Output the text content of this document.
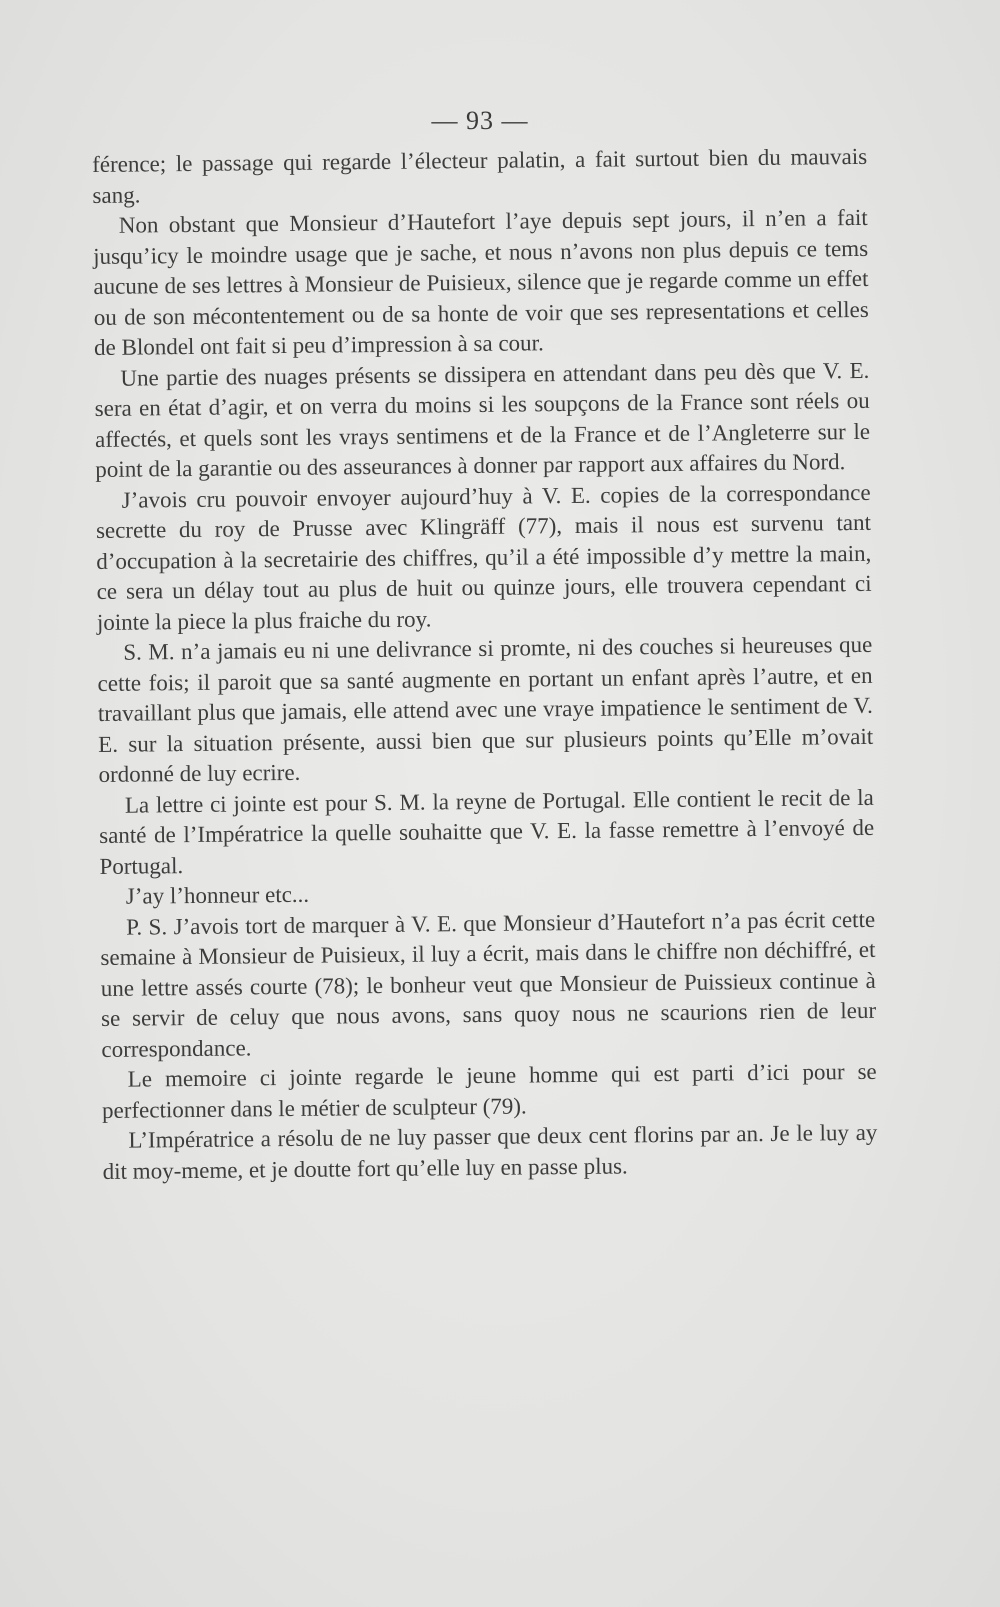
— 93 —

férence; le passage qui regarde l’électeur palatin, a fait surtout bien du mauvais sang.

Non obstant que Monsieur d’Hautefort l’aye depuis sept jours, il n’en a fait jusqu’icy le moindre usage que je sache, et nous n’avons non plus depuis ce tems aucune de ses lettres à Monsieur de Puisieux, silence que je regarde comme un effet ou de son mécontentement ou de sa honte de voir que ses representations et celles de Blondel ont fait si peu d’impression à sa cour.

Une partie des nuages présents se dissipera en attendant dans peu dès que V. E. sera en état d’agir, et on verra du moins si les soupçons de la France sont réels ou affectés, et quels sont les vrays sentimens et de la France et de l’Angleterre sur le point de la garantie ou des asseurances à donner par rapport aux affaires du Nord.

J’avois cru pouvoir envoyer aujourd’huy à V. E. copies de la correspondance secrette du roy de Prusse avec Klingräff (77), mais il nous est survenu tant d’occupation à la secretairie des chiffres, qu’il a été impossible d’y mettre la main, ce sera un délay tout au plus de huit ou quinze jours, elle trouvera cependant ci jointe la piece la plus fraiche du roy.

S. M. n’a jamais eu ni une delivrance si promte, ni des couches si heureuses que cette fois; il paroit que sa santé augmente en portant un enfant après l’autre, et en travaillant plus que jamais, elle attend avec une vraye impatience le sentiment de V. E. sur la situation présente, aussi bien que sur plusieurs points qu’Elle m’ovait ordonné de luy ecrire.

La lettre ci jointe est pour S. M. la reyne de Portugal. Elle contient le recit de la santé de l’Impératrice la quelle souhaitte que V. E. la fasse remettre à l’envoyé de Portugal.

J’ay l’honneur etc...

P. S. J’avois tort de marquer à V. E. que Monsieur d’Hautefort n’a pas écrit cette semaine à Monsieur de Puisieux, il luy a écrit, mais dans le chiffre non déchiffré, et une lettre assés courte (78); le bonheur veut que Monsieur de Puissieux continue à se servir de celuy que nous avons, sans quoy nous ne scaurions rien de leur correspondance.

Le memoire ci jointe regarde le jeune homme qui est parti d’ici pour se perfectionner dans le métier de sculpteur (79).

L’Impératrice a résolu de ne luy passer que deux cent florins par an. Je le luy ay dit moy-meme, et je doutte fort qu’elle luy en passe plus.
